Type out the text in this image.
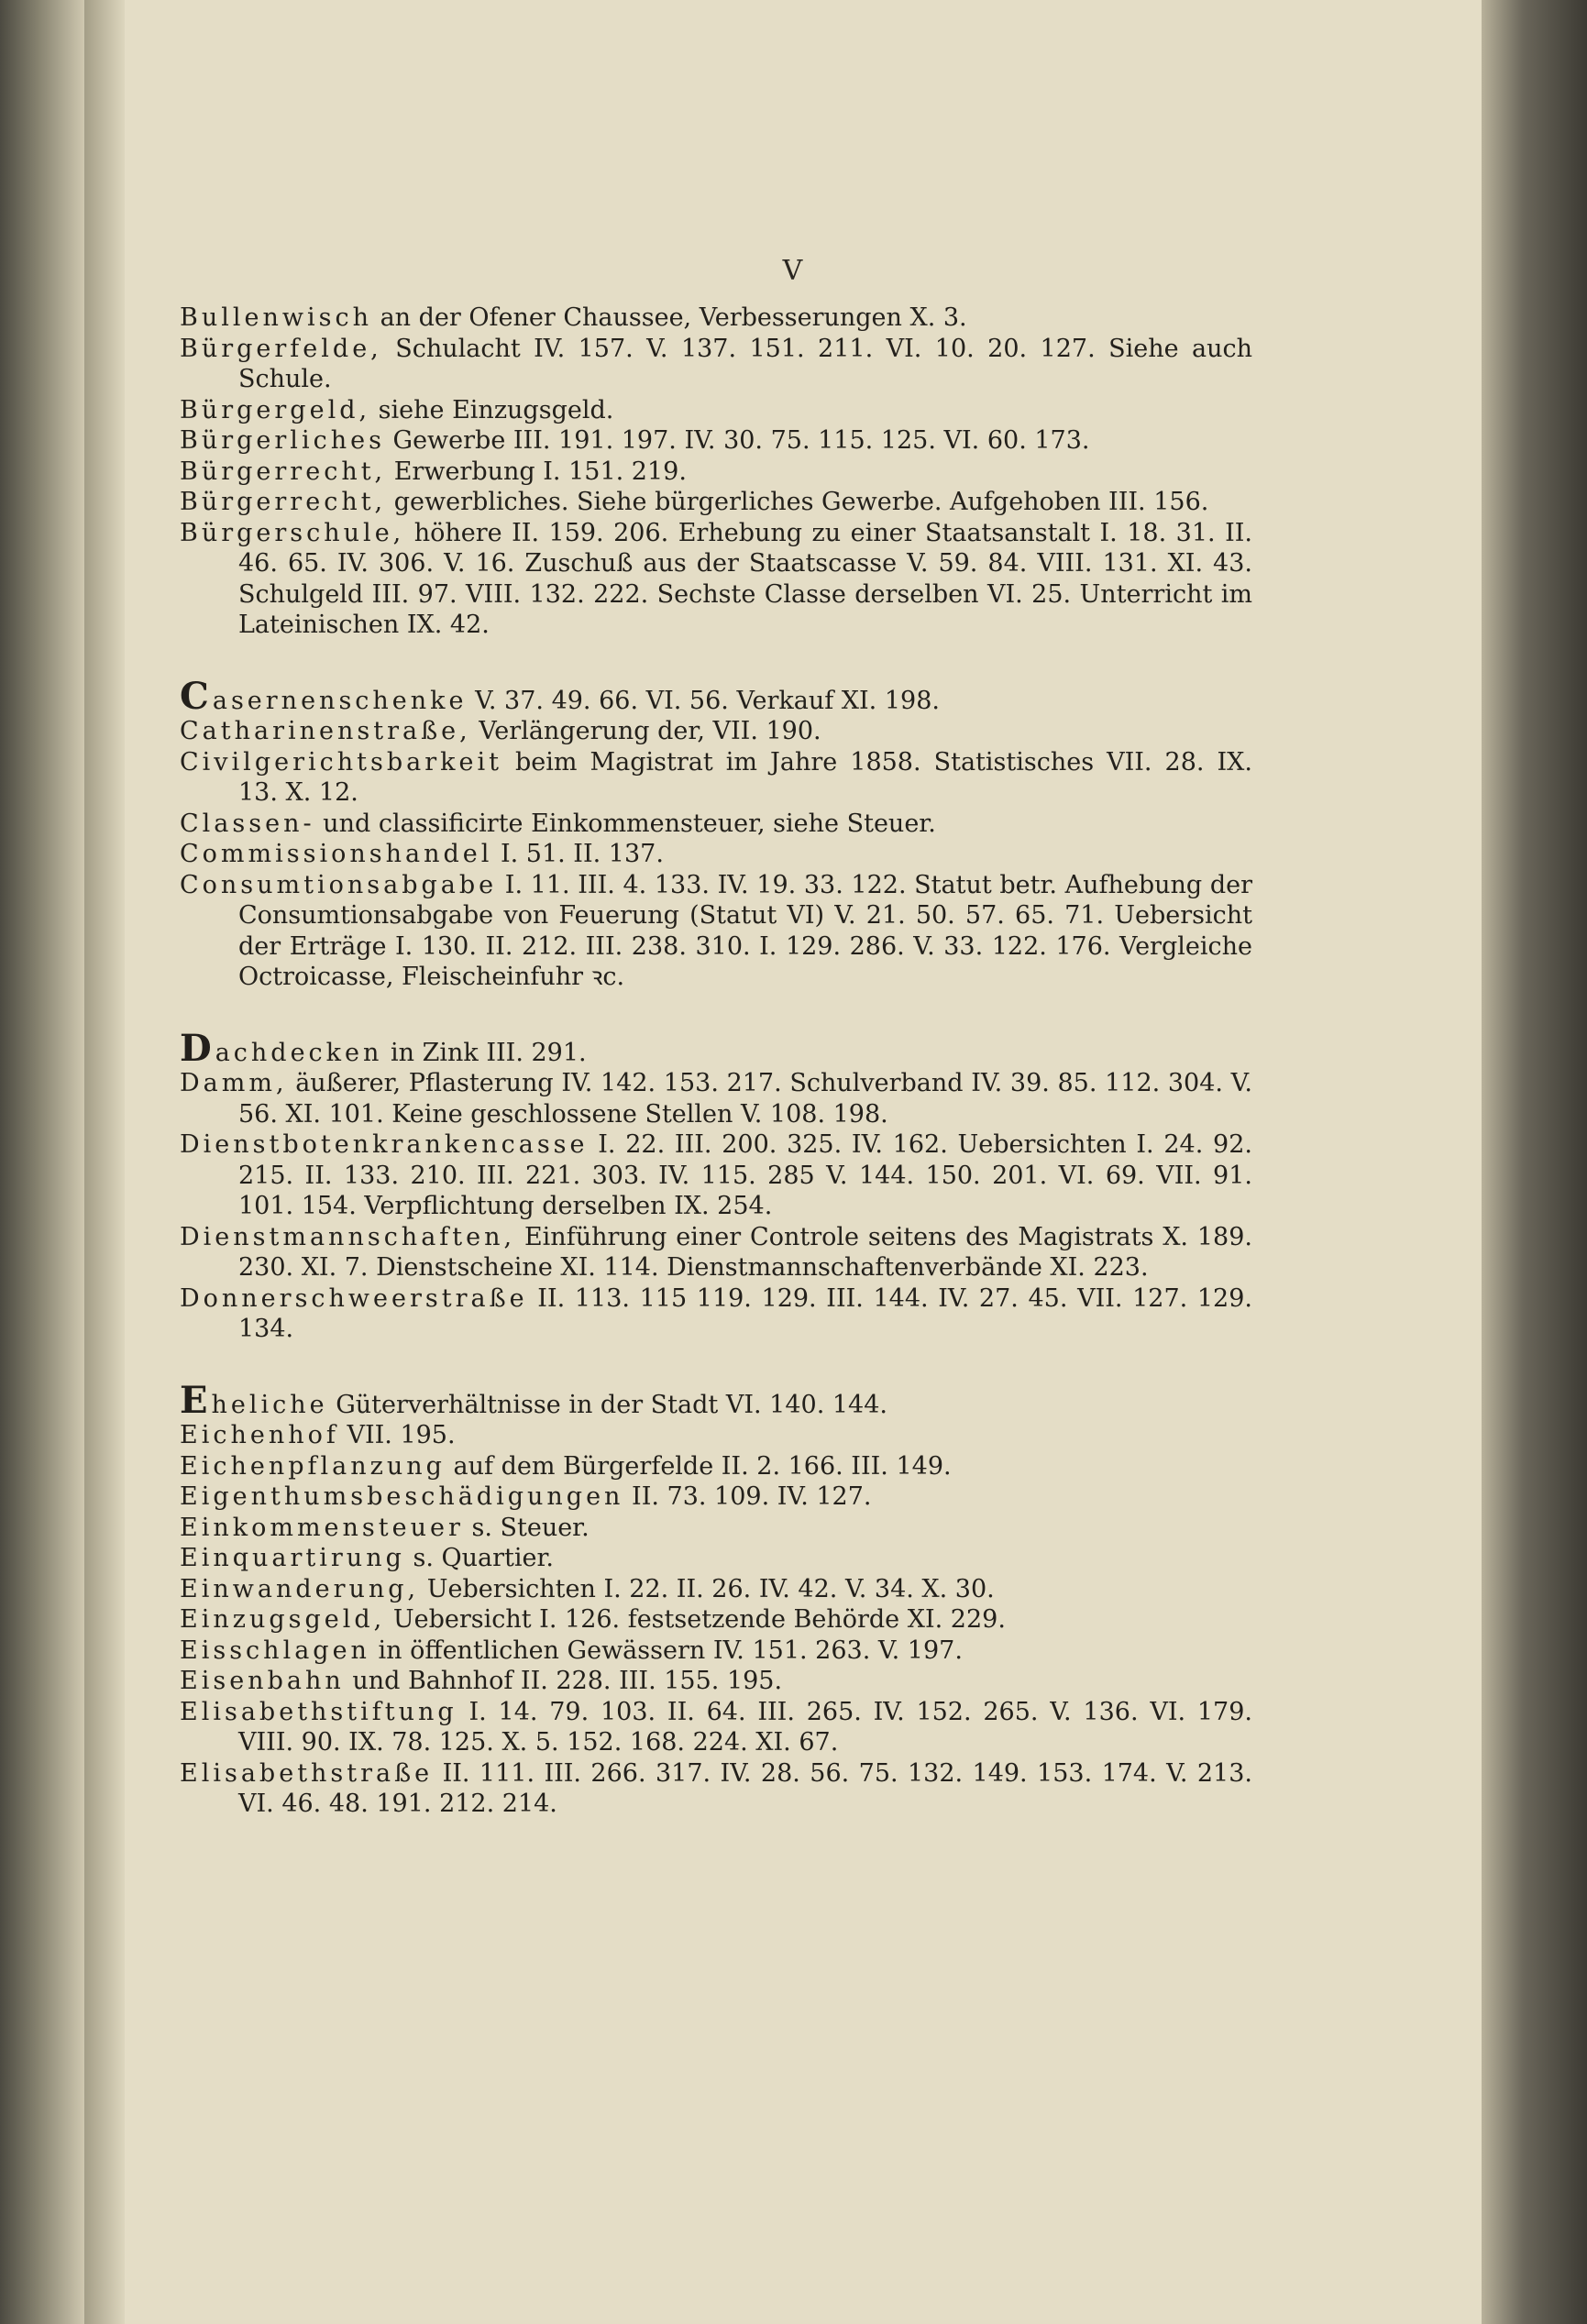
V

Bullenwisch an der Ofener Chaussee, Verbesserungen X. 3.

Bürgerfelde, Schulacht IV. 157. V. 137. 151. 211. VI. 10. 20. 127. Siehe auch Schule.

Bürgergeld, siehe Einzugsgeld.

Bürgerliches Gewerbe III. 191. 197. IV. 30. 75. 115. 125. VI. 60. 173.

Bürgerrecht, Erwerbung I. 151. 219.

Bürgerrecht, gewerbliches. Siehe bürgerliches Gewerbe. Aufgehoben III. 156.

Bürgerschule, höhere II. 159. 206. Erhebung zu einer Staatsanstalt I. 18. 31. II. 46. 65. IV. 306. V. 16. Zuschuß aus der Staatscasse V. 59. 84. VIII. 131. XI. 43. Schulgeld III. 97. VIII. 132. 222. Sechste Classe derselben VI. 25. Unterricht im Lateinischen IX. 42.

Casernenschenke V. 37. 49. 66. VI. 56. Verkauf XI. 198.

Catharinenstraße, Verlängerung der, VII. 190.

Civilgerichtsbarkeit beim Magistrat im Jahre 1858. Statistisches VII. 28. IX. 13. X. 12.

Classen- und classificirte Einkommensteuer, siehe Steuer.

Commissionshandel I. 51. II. 137.

Consumtionsabgabe I. 11. III. 4. 133. IV. 19. 33. 122. Statut betr. Aufhebung der Consumtionsabgabe von Feuerung (Statut VI) V. 21. 50. 57. 65. 71. Uebersicht der Erträge I. 130. II. 212. III. 238. 310. I. 129. 286. V. 33. 122. 176. Vergleiche Octroicasse, Fleischeinfuhr ꝛc.

Dachdecken in Zink III. 291.

Damm, äußerer, Pflasterung IV. 142. 153. 217. Schulverband IV. 39. 85. 112. 304. V. 56. XI. 101. Keine geschlossene Stellen V. 108. 198.

Dienstbotenkrankencasse I. 22. III. 200. 325. IV. 162. Uebersichten I. 24. 92. 215. II. 133. 210. III. 221. 303. IV. 115. 285 V. 144. 150. 201. VI. 69. VII. 91. 101. 154. Verpflichtung derselben IX. 254.

Dienstmannschaften, Einführung einer Controle seitens des Magistrats X. 189. 230. XI. 7. Dienstscheine XI. 114. Dienstmannschaftenverbände XI. 223.

Donnerschweerstraße II. 113. 115 119. 129. III. 144. IV. 27. 45. VII. 127. 129. 134.

Eheliche Güterverhältnisse in der Stadt VI. 140. 144.

Eichenhof VII. 195.

Eichenpflanzung auf dem Bürgerfelde II. 2. 166. III. 149.

Eigenthumsbeschädigungen II. 73. 109. IV. 127.

Einkommensteuer s. Steuer.

Einquartirung s. Quartier.

Einwanderung, Uebersichten I. 22. II. 26. IV. 42. V. 34. X. 30.

Einzugsgeld, Uebersicht I. 126. festsetzende Behörde XI. 229.

Eisschlagen in öffentlichen Gewässern IV. 151. 263. V. 197.

Eisenbahn und Bahnhof II. 228. III. 155. 195.

Elisabethstiftung I. 14. 79. 103. II. 64. III. 265. IV. 152. 265. V. 136. VI. 179. VIII. 90. IX. 78. 125. X. 5. 152. 168. 224. XI. 67.

Elisabethstraße II. 111. III. 266. 317. IV. 28. 56. 75. 132. 149. 153. 174. V. 213. VI. 46. 48. 191. 212. 214.
